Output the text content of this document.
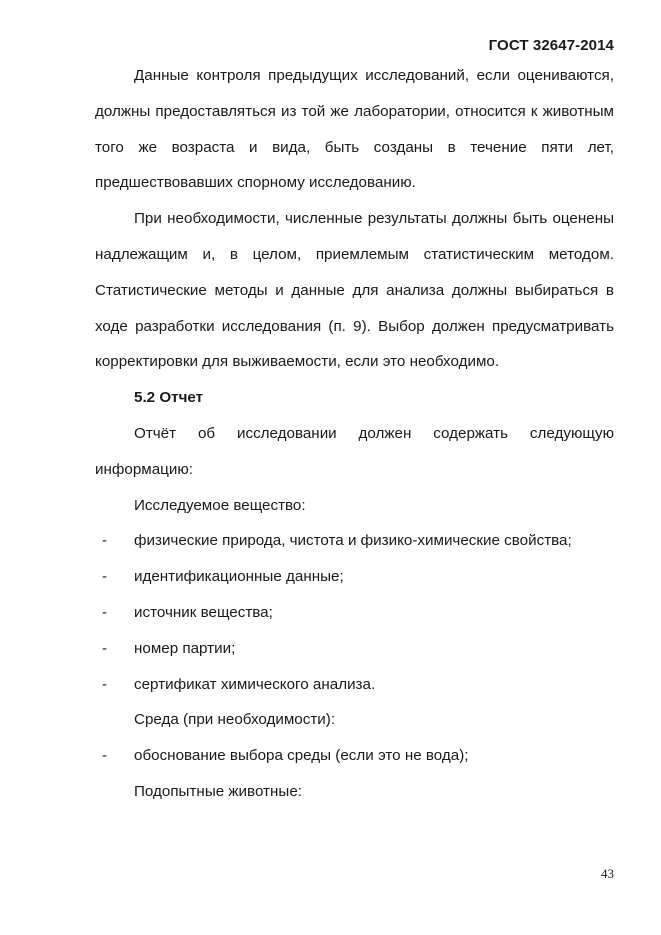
ГОСТ 32647-2014

Данные контроля предыдущих исследований, если оцениваются, должны предоставляться из той же лаборатории, относится к животным того же возраста и вида, быть созданы в течение пяти лет, предшествовавших спорному исследованию.

При необходимости, численные результаты должны быть оценены надлежащим и, в целом, приемлемым статистическим методом. Статистические методы и данные для анализа должны выбираться в ходе разработки исследования (п. 9). Выбор должен предусматривать корректировки для выживаемости, если это необходимо.

5.2 Отчет

Отчёт об исследовании должен содержать следующую информацию:

Исследуемое вещество:

- физические природа, чистота и физико-химические свойства;

- идентификационные данные;

- источник вещества;

- номер партии;

- сертификат химического анализа.

Среда (при необходимости):

- обоснование выбора среды (если это не вода);

Подопытные животные:

43
